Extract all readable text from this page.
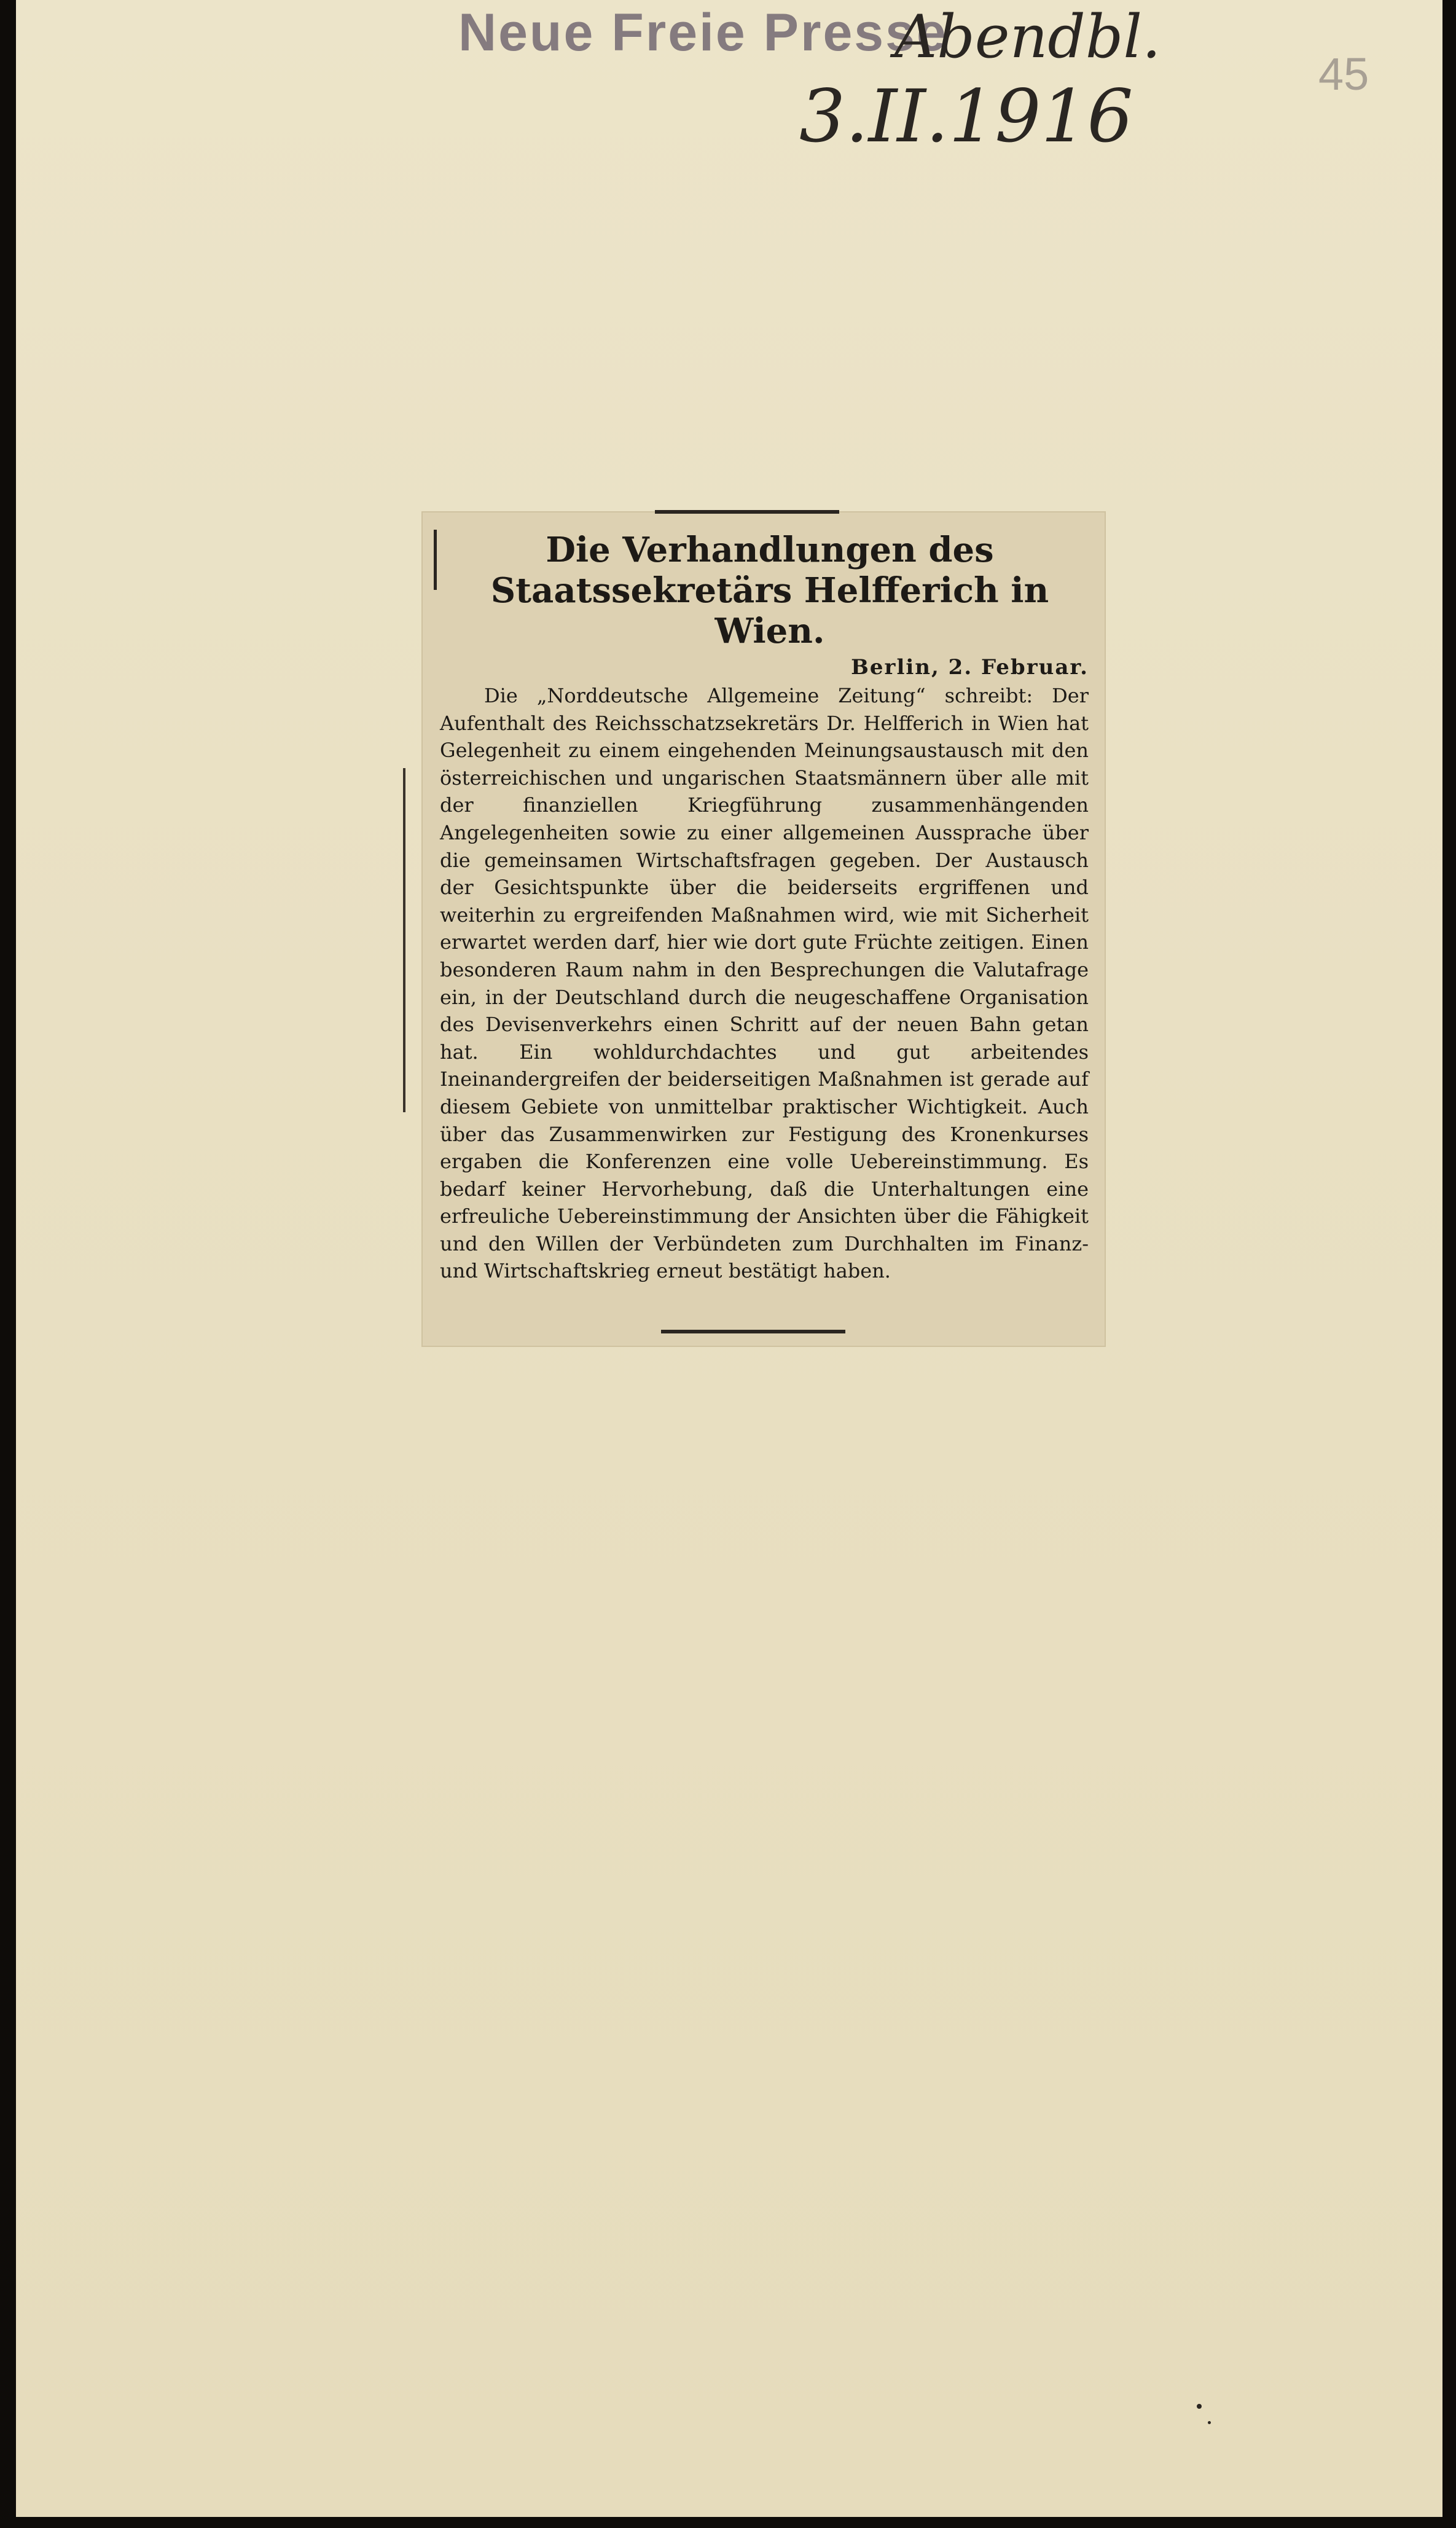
Neue Freie Presse
Abendbl.
3.II.1916	45
Die Verhandlungen des Staatssekretärs Helfferich in Wien.
Berlin, 2. Februar.

Die „Norddeutsche Allgemeine Zeitung“ schreibt: Der Aufenthalt des Reichsschatzsekretärs Dr. Helfferich in Wien hat Gelegenheit zu einem eingehenden Meinungsaustausch mit den österreichischen und ungarischen Staatsmännern über alle mit der finanziellen Kriegführung zusammenhängenden Angelegenheiten sowie zu einer allgemeinen Aussprache über die gemeinsamen Wirtschaftsfragen gegeben. Der Austausch der Gesichtspunkte über die beiderseits ergriffenen und weiterhin zu ergreifenden Maßnahmen wird, wie mit Sicherheit erwartet werden darf, hier wie dort gute Früchte zeitigen. Einen besonderen Raum nahm in den Besprechungen die Valutafrage ein, in der Deutschland durch die neugeschaffene Organisation des Devisenverkehrs einen Schritt auf der neuen Bahn getan hat. Ein wohldurchdachtes und gut arbeitendes Ineinandergreifen der beiderseitigen Maßnahmen ist gerade auf diesem Gebiete von unmittelbar praktischer Wichtigkeit. Auch über das Zusammenwirken zur Festigung des Kronenkurses ergaben die Konferenzen eine volle Uebereinstimmung. Es bedarf keiner Hervorhebung, daß die Unterhaltungen eine erfreuliche Uebereinstimmung der Ansichten über die Fähigkeit und den Willen der Verbündeten zum Durchhalten im Finanz- und Wirtschaftskrieg erneut bestätigt haben.
